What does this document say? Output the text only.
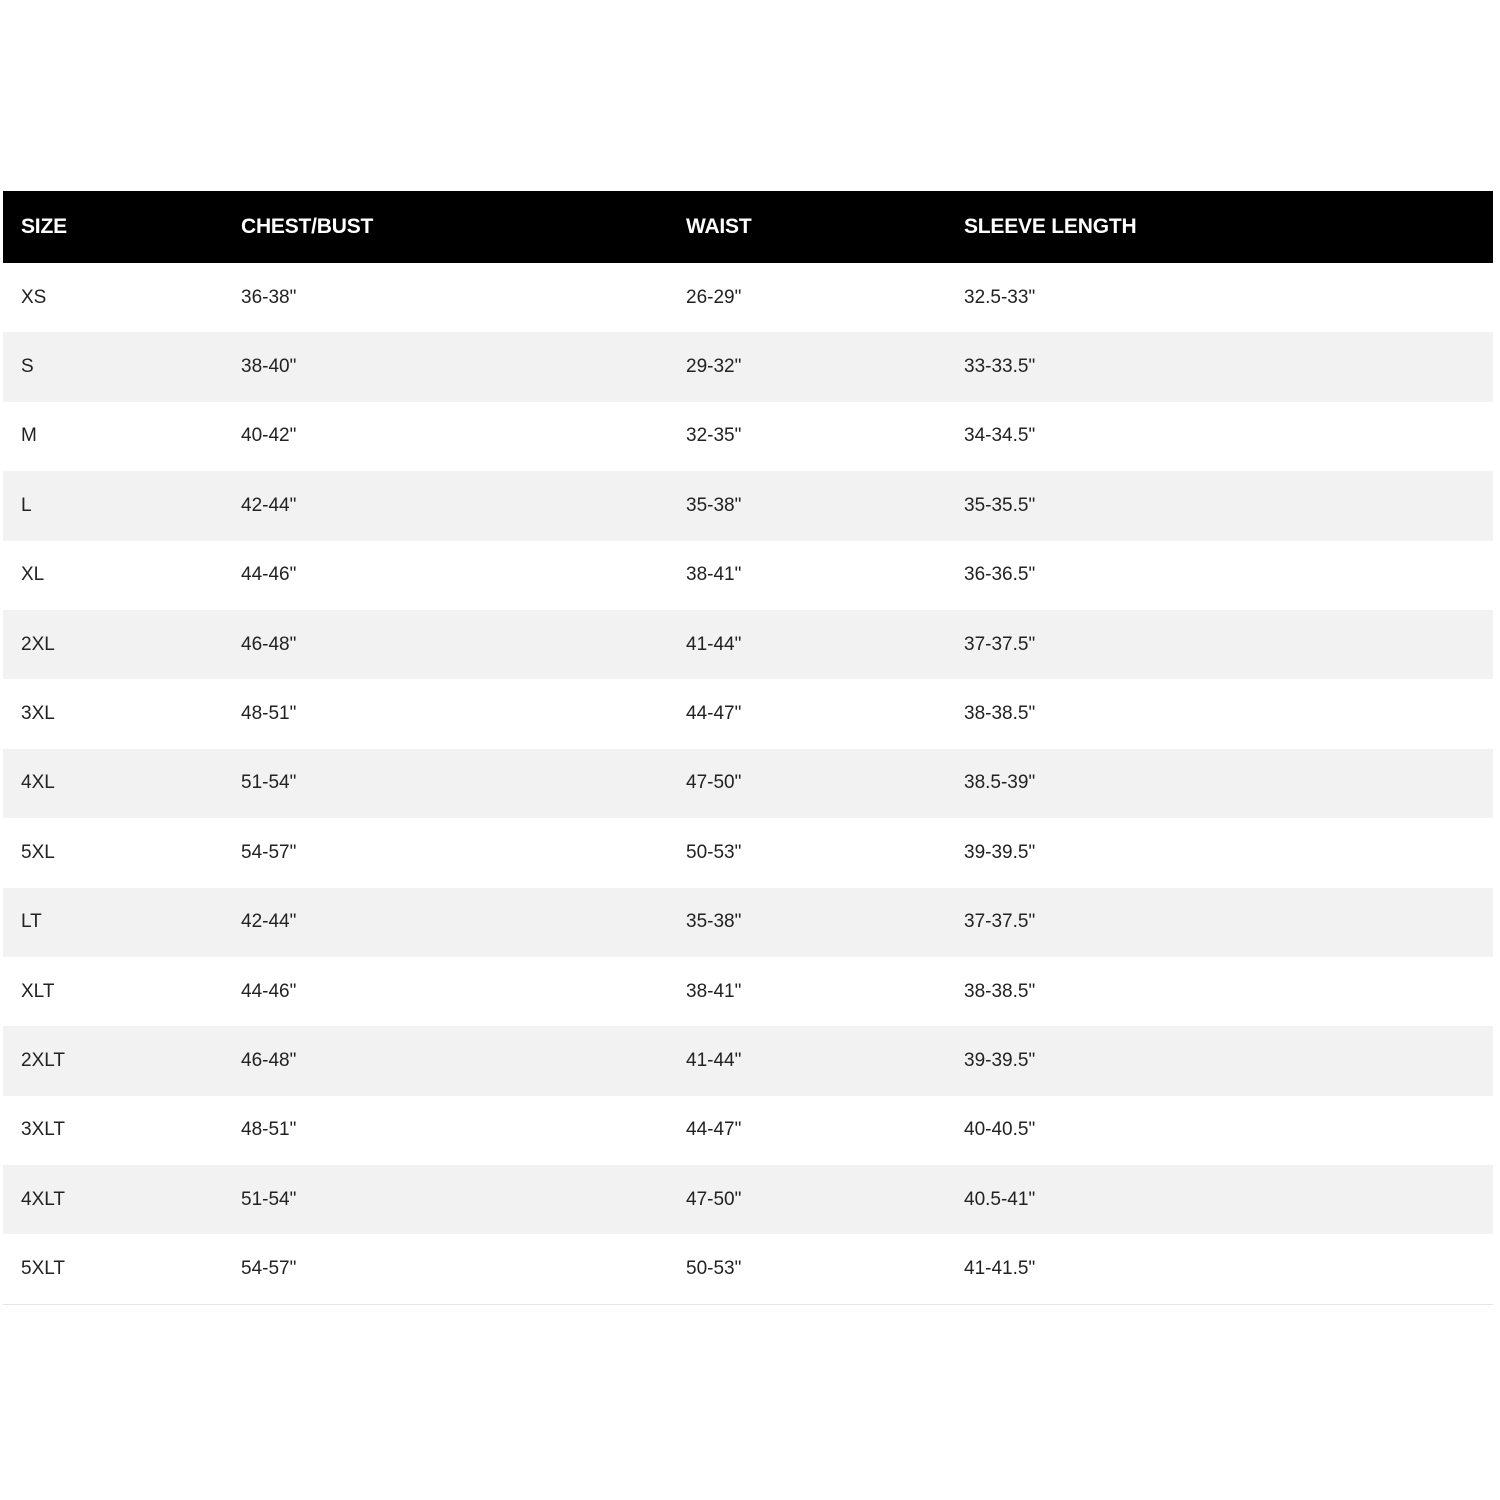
SIZE	CHEST/BUST	WAIST	SLEEVE LENGTH
XS	36-38"	26-29"	32.5-33"
S	38-40"	29-32"	33-33.5"
M	40-42"	32-35"	34-34.5"
L	42-44"	35-38"	35-35.5"
XL	44-46"	38-41"	36-36.5"
2XL	46-48"	41-44"	37-37.5"
3XL	48-51"	44-47"	38-38.5"
4XL	51-54"	47-50"	38.5-39"
5XL	54-57"	50-53"	39-39.5"
LT	42-44"	35-38"	37-37.5"
XLT	44-46"	38-41"	38-38.5"
2XLT	46-48"	41-44"	39-39.5"
3XLT	48-51"	44-47"	40-40.5"
4XLT	51-54"	47-50"	40.5-41"
5XLT	54-57"	50-53"	41-41.5"
